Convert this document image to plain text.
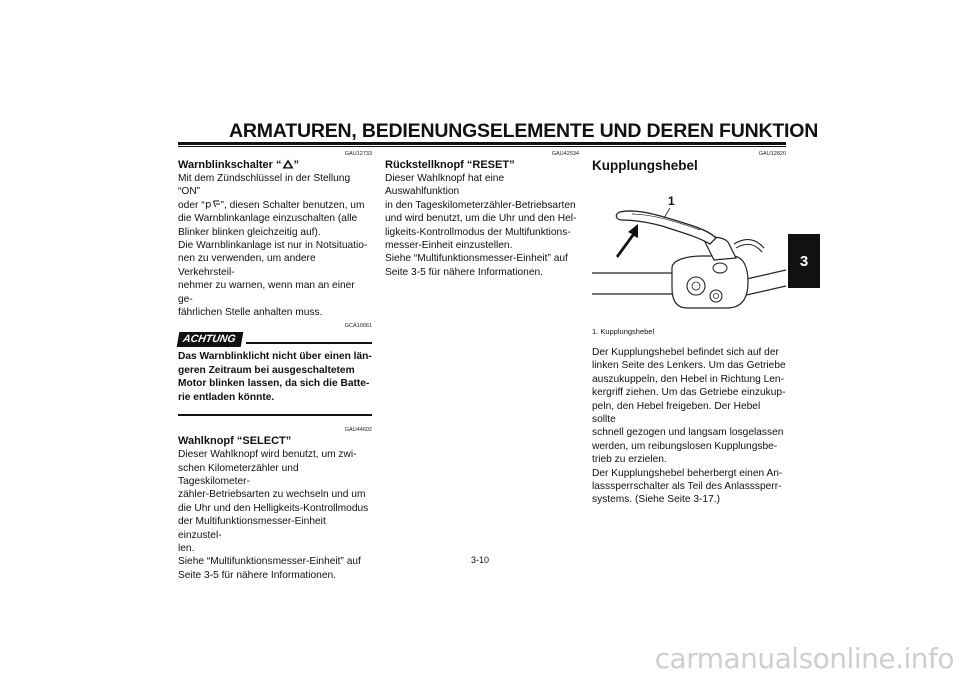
ARMATUREN, BEDIENUNGSELEMENTE UND DEREN FUNKTION
3
GAU12733
Warnblinkschalter “ ”
Mit dem Zündschlüssel in der Stellung “ON”
oder “ p ”, diesen Schalter benutzen, um
die Warnblinkanlage einzuschalten (alle
Blinker blinken gleichzeitig auf).
Die Warnblinkanlage ist nur in Notsituatio-
nen zu verwenden, um andere Verkehrsteil-
nehmer zu warnen, wenn man an einer ge-
fährlichen Stelle anhalten muss.
GCA10061
ACHTUNG
Das Warnblinklicht nicht über einen län-
geren Zeitraum bei ausgeschaltetem
Motor blinken lassen, da sich die Batte-
rie entladen könnte.
GAU44602
Wahlknopf “SELECT”
Dieser Wahlknopf wird benutzt, um zwi-
schen Kilometerzähler und Tageskilometer-
zähler-Betriebsarten zu wechseln und um
die Uhr und den Helligkeits-Kontrollmodus
der Multifunktionsmesser-Einheit einzustel-
len.
Siehe “Multifunktionsmesser-Einheit” auf
Seite 3-5 für nähere Informationen.
GAU42534
Rückstellknopf “RESET”
Dieser Wahlknopf hat eine Auswahlfunktion
in den Tageskilometerzähler-Betriebsarten
und wird benutzt, um die Uhr und den Hel-
ligkeits-Kontrollmodus der Multifunktions-
messer-Einheit einzustellen.
Siehe “Multifunktionsmesser-Einheit” auf
Seite 3-5 für nähere Informationen.
GAU12820
Kupplungshebel
1
1. Kupplungshebel
Der Kupplungshebel befindet sich auf der
linken Seite des Lenkers. Um das Getriebe
auszukuppeln, den Hebel in Richtung Len-
kergriff ziehen. Um das Getriebe einzukup-
peln, den Hebel freigeben. Der Hebel sollte
schnell gezogen und langsam losgelassen
werden, um reibungslosen Kupplungsbe-
trieb zu erzielen.
Der Kupplungshebel beherbergt einen An-
lasssperrschalter als Teil des Anlasssperr-
systems. (Siehe Seite 3-17.)
3-10
carmanualsonline.info
